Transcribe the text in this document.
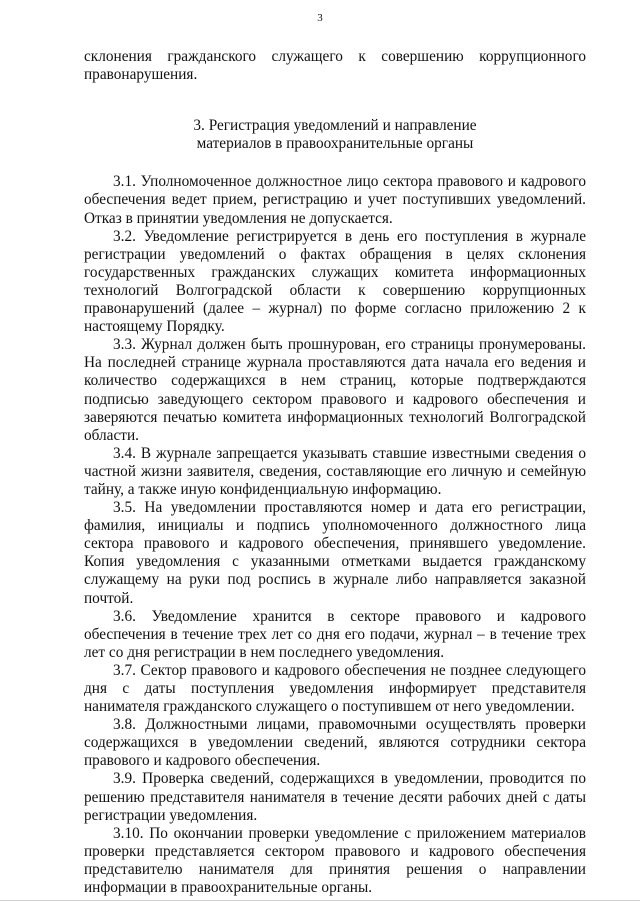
3

склонения гражданского служащего к совершению коррупционного правонарушения.

3. Регистрация уведомлений и направление
материалов в правоохранительные органы

3.1. Уполномоченное должностное лицо сектора правового и кадрового обеспечения ведет прием, регистрацию и учет поступивших уведомлений. Отказ в принятии уведомления не допускается.

3.2. Уведомление регистрируется в день его поступления в журнале регистрации уведомлений о фактах обращения в целях склонения государственных гражданских служащих комитета информационных технологий Волгоградской области к совершению коррупционных правонарушений (далее – журнал) по форме согласно приложению 2 к настоящему Порядку.

3.3. Журнал должен быть прошнурован, его страницы пронумерованы. На последней странице журнала проставляются дата начала его ведения и количество содержащихся в нем страниц, которые подтверждаются подписью заведующего сектором правового и кадрового обеспечения и заверяются печатью комитета информационных технологий Волгоградской области.

3.4. В журнале запрещается указывать ставшие известными сведения о частной жизни заявителя, сведения, составляющие его личную и семейную тайну, а также иную конфиденциальную информацию.

3.5. На уведомлении проставляются номер и дата его регистрации, фамилия, инициалы и подпись уполномоченного должностного лица сектора правового и кадрового обеспечения, принявшего уведомление. Копия уведомления с указанными отметками выдается гражданскому служащему на руки под роспись в журнале либо направляется заказной почтой.

3.6. Уведомление хранится в секторе правового и кадрового обеспечения в течение трех лет со дня его подачи, журнал – в течение трех лет со дня регистрации в нем последнего уведомления.

3.7. Сектор правового и кадрового обеспечения не позднее следующего дня с даты поступления уведомления информирует представителя нанимателя гражданского служащего о поступившем от него уведомлении.

3.8. Должностными лицами, правомочными осуществлять проверки содержащихся в уведомлении сведений, являются сотрудники сектора правового и кадрового обеспечения.

3.9. Проверка сведений, содержащихся в уведомлении, проводится по решению представителя нанимателя в течение десяти рабочих дней с даты регистрации уведомления.

3.10. По окончании проверки уведомление с приложением материалов проверки представляется сектором правового и кадрового обеспечения представителю нанимателя для принятия решения о направлении информации в правоохранительные органы.
